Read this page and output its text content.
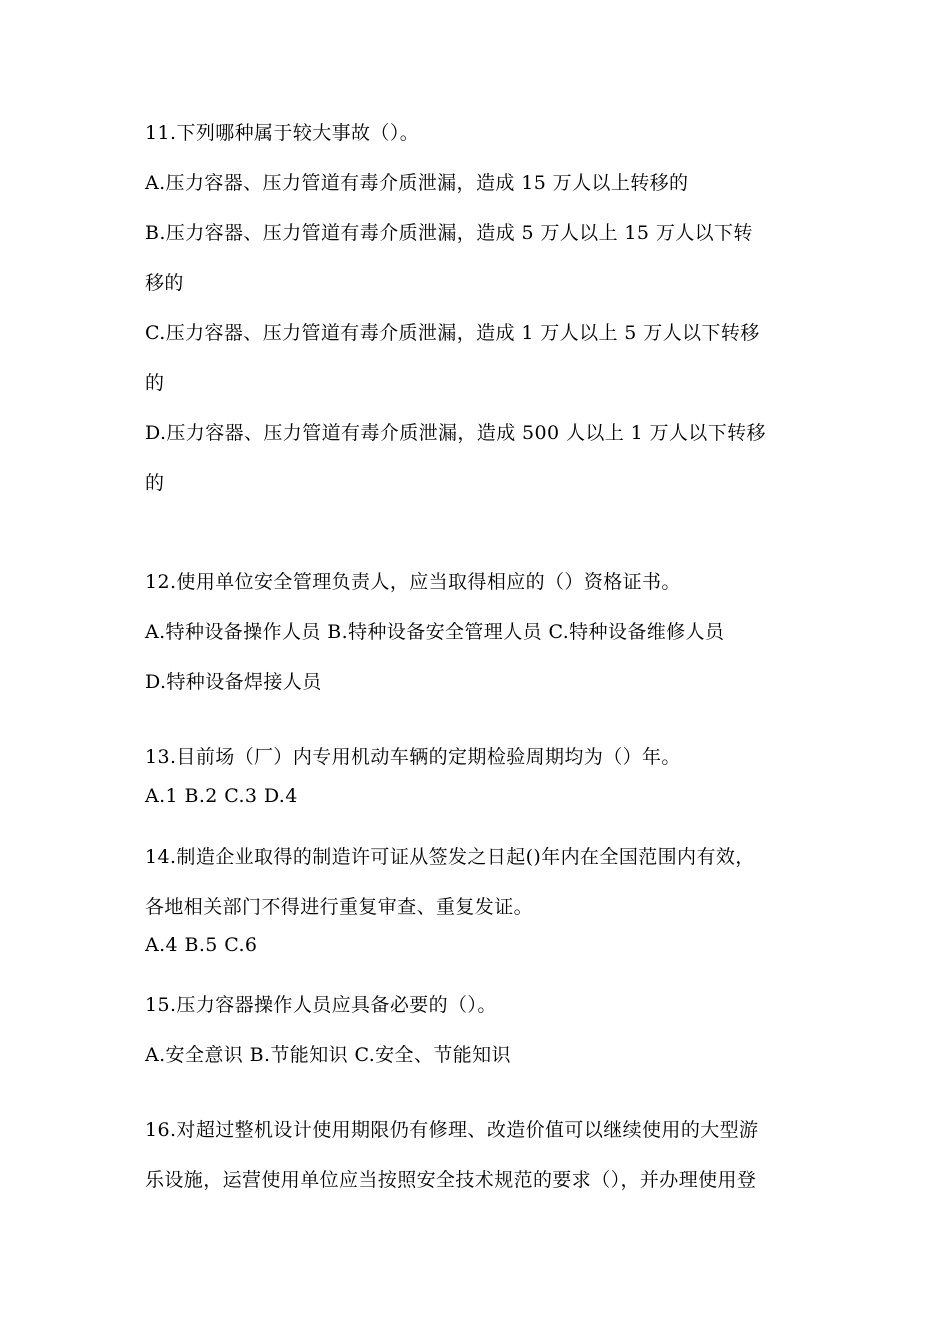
11.下列哪种属于较大事故（）。
A.压力容器、压力管道有毒介质泄漏，造成 15 万人以上转移的
B.压力容器、压力管道有毒介质泄漏，造成 5 万人以上 15 万人以下转
移的
C.压力容器、压力管道有毒介质泄漏，造成 1 万人以上 5 万人以下转移
的
D.压力容器、压力管道有毒介质泄漏，造成 500 人以上 1 万人以下转移
的
12.使用单位安全管理负责人，应当取得相应的（）资格证书。
A.特种设备操作人员 B.特种设备安全管理人员 C.特种设备维修人员
D.特种设备焊接人员
13.目前场（厂）内专用机动车辆的定期检验周期均为（）年。
A.1 B.2 C.3 D.4
14.制造企业取得的制造许可证从签发之日起()年内在全国范围内有效，
各地相关部门不得进行重复审查、重复发证。
A.4 B.5 C.6
15.压力容器操作人员应具备必要的（）。
A.安全意识 B.节能知识 C.安全、节能知识
16.对超过整机设计使用期限仍有修理、改造价值可以继续使用的大型游
乐设施，运营使用单位应当按照安全技术规范的要求（），并办理使用登
